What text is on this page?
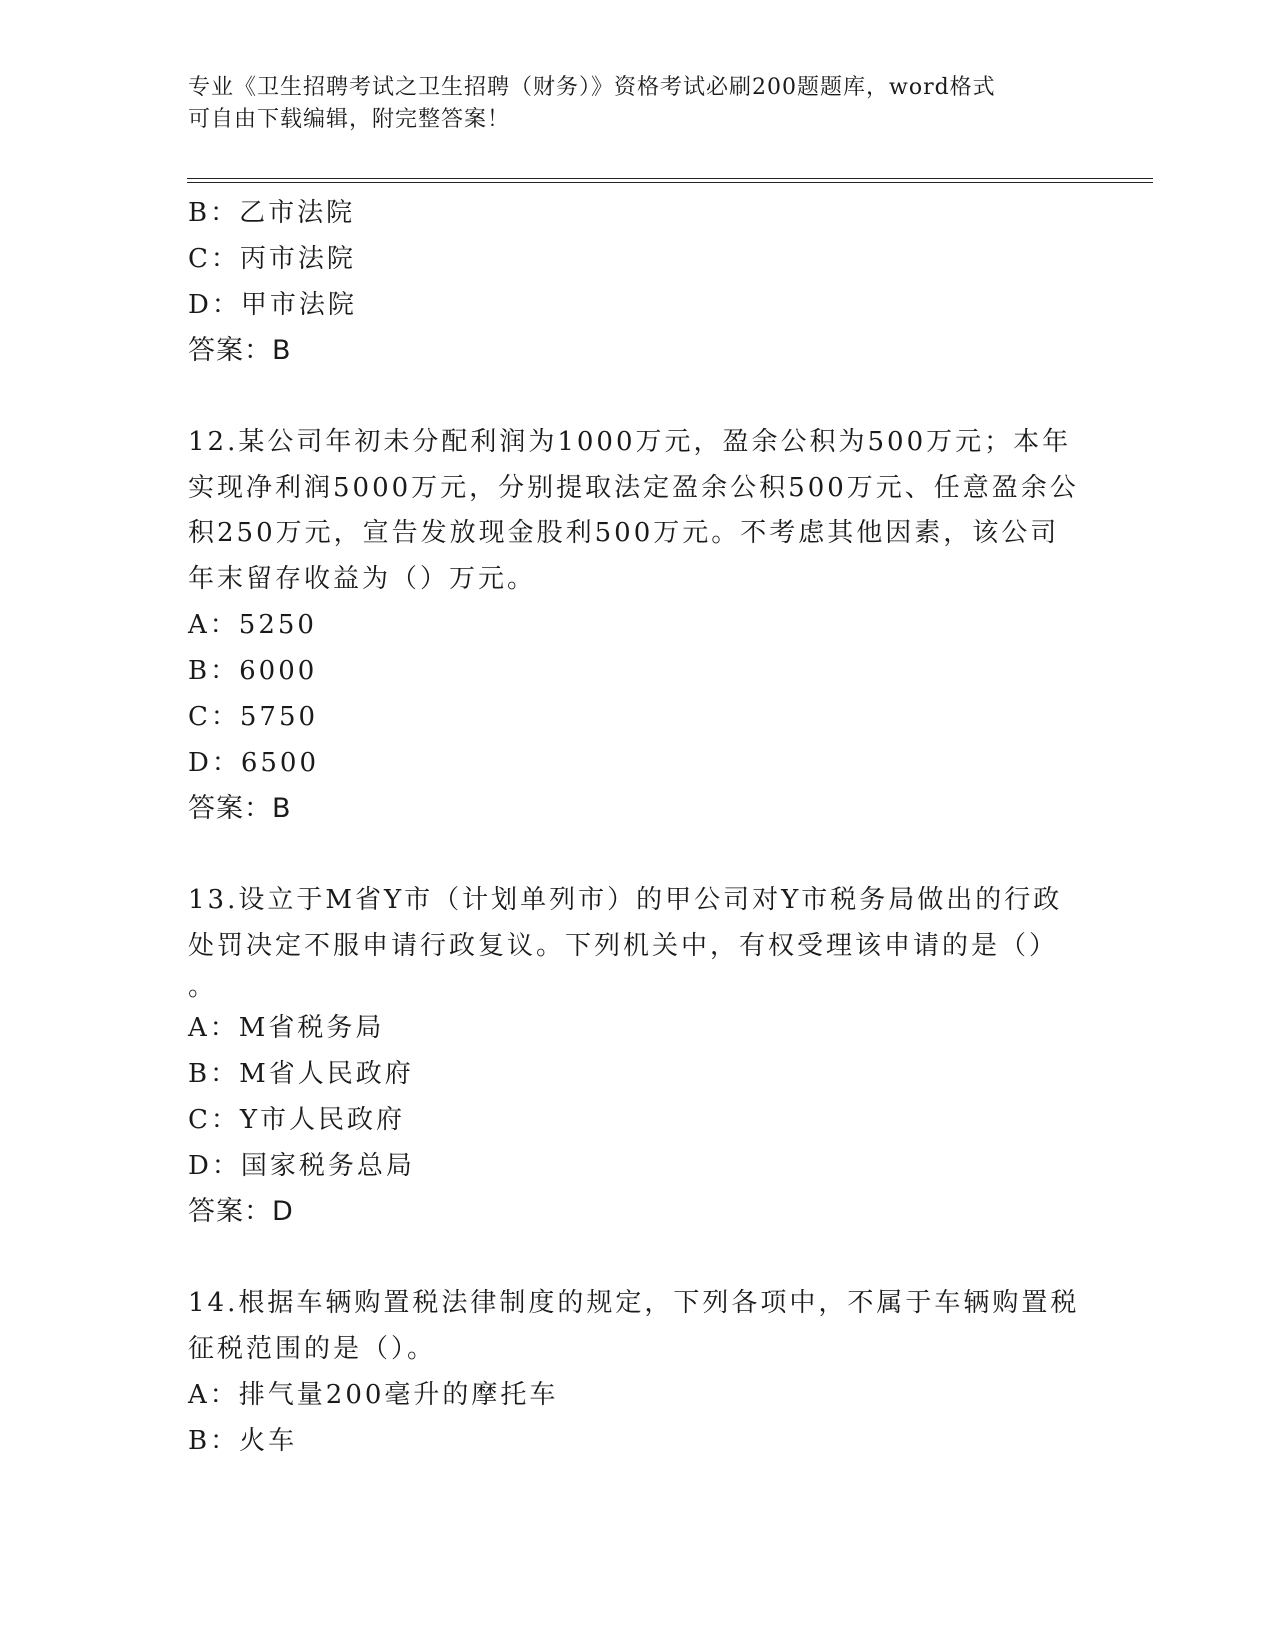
专业《卫生招聘考试之卫生招聘（财务）》资格考试必刷200题题库，word格式
可自由下载编辑，附完整答案！
B：乙市法院
C：丙市法院
D：甲市法院
答案：B
12.某公司年初未分配利润为1000万元，盈余公积为500万元；本年
实现净利润5000万元，分别提取法定盈余公积500万元、任意盈余公
积250万元，宣告发放现金股利500万元。不考虑其他因素，该公司
年末留存收益为（）万元。
A：5250
B：6000
C：5750
D：6500
答案：B
13.设立于M省Y市（计划单列市）的甲公司对Y市税务局做出的行政
处罚决定不服申请行政复议。下列机关中，有权受理该申请的是（）
。
A：M省税务局
B：M省人民政府
C：Y市人民政府
D：国家税务总局
答案：D
14.根据车辆购置税法律制度的规定，下列各项中，不属于车辆购置税
征税范围的是（）。
A：排气量200毫升的摩托车
B：火车
